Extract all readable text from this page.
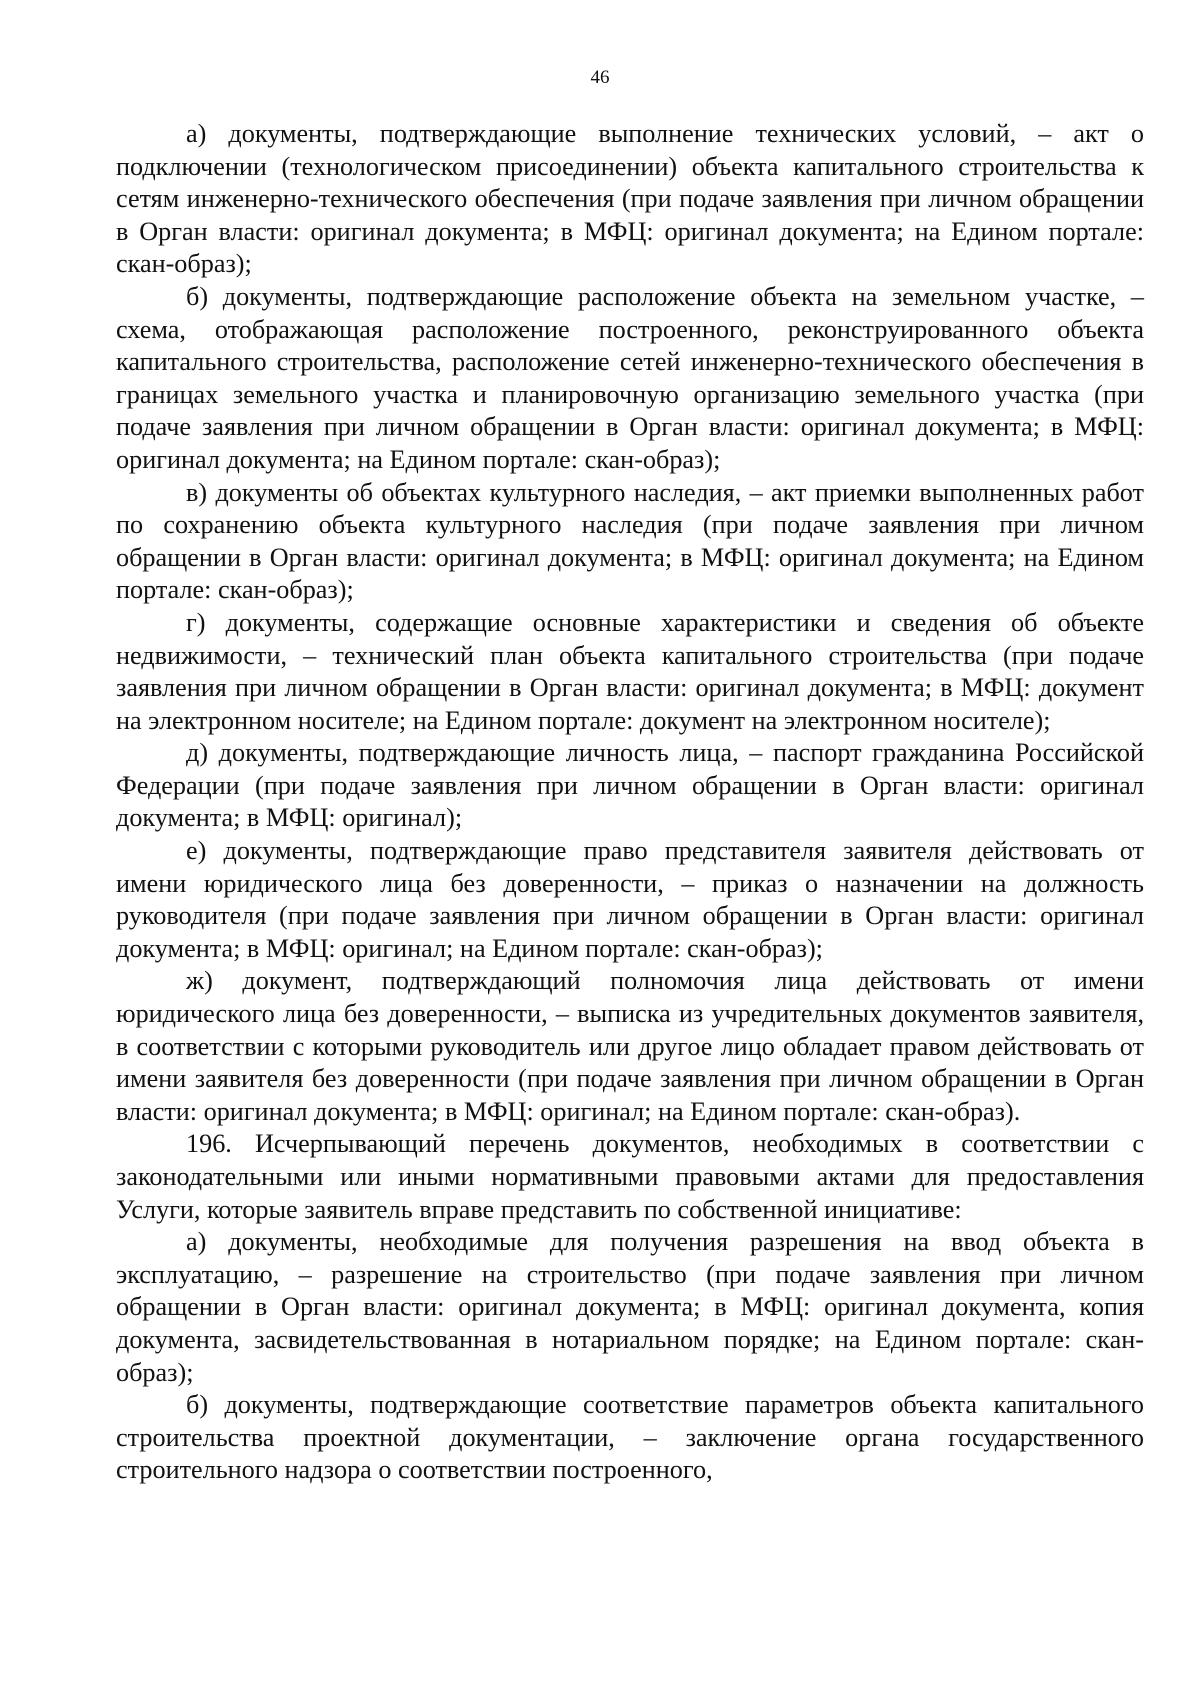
46

а) документы, подтверждающие выполнение технических условий, – акт о подключении (технологическом присоединении) объекта капитального строительства к сетям инженерно-технического обеспечения (при подаче заявления при личном обращении в Орган власти: оригинал документа; в МФЦ: оригинал документа; на Едином портале: скан-образ);

б) документы, подтверждающие расположение объекта на земельном участке, – схема, отображающая расположение построенного, реконструированного объекта капитального строительства, расположение сетей инженерно-технического обеспечения в границах земельного участка и планировочную организацию земельного участка (при подаче заявления при личном обращении в Орган власти: оригинал документа; в МФЦ: оригинал документа; на Едином портале: скан-образ);

в) документы об объектах культурного наследия, – акт приемки выполненных работ по сохранению объекта культурного наследия (при подаче заявления при личном обращении в Орган власти: оригинал документа; в МФЦ: оригинал документа; на Едином портале: скан-образ);

г) документы, содержащие основные характеристики и сведения об объекте недвижимости, – технический план объекта капитального строительства (при подаче заявления при личном обращении в Орган власти: оригинал документа; в МФЦ: документ на электронном носителе; на Едином портале: документ на электронном носителе);

д) документы, подтверждающие личность лица, – паспорт гражданина Российской Федерации (при подаче заявления при личном обращении в Орган власти: оригинал документа; в МФЦ: оригинал);

е) документы, подтверждающие право представителя заявителя действовать от имени юридического лица без доверенности, – приказ о назначении на должность руководителя (при подаче заявления при личном обращении в Орган власти: оригинал документа; в МФЦ: оригинал; на Едином портале: скан-образ);

ж) документ, подтверждающий полномочия лица действовать от имени юридического лица без доверенности, – выписка из учредительных документов заявителя, в соответствии с которыми руководитель или другое лицо обладает правом действовать от имени заявителя без доверенности (при подаче заявления при личном обращении в Орган власти: оригинал документа; в МФЦ: оригинал; на Едином портале: скан-образ).

196. Исчерпывающий перечень документов, необходимых в соответствии с законодательными или иными нормативными правовыми актами для предоставления Услуги, которые заявитель вправе представить по собственной инициативе:

а) документы, необходимые для получения разрешения на ввод объекта в эксплуатацию, – разрешение на строительство (при подаче заявления при личном обращении в Орган власти: оригинал документа; в МФЦ: оригинал документа, копия документа, засвидетельствованная в нотариальном порядке; на Едином портале: скан-образ);

б) документы, подтверждающие соответствие параметров объекта капитального строительства проектной документации, – заключение органа государственного строительного надзора о соответствии построенного,
